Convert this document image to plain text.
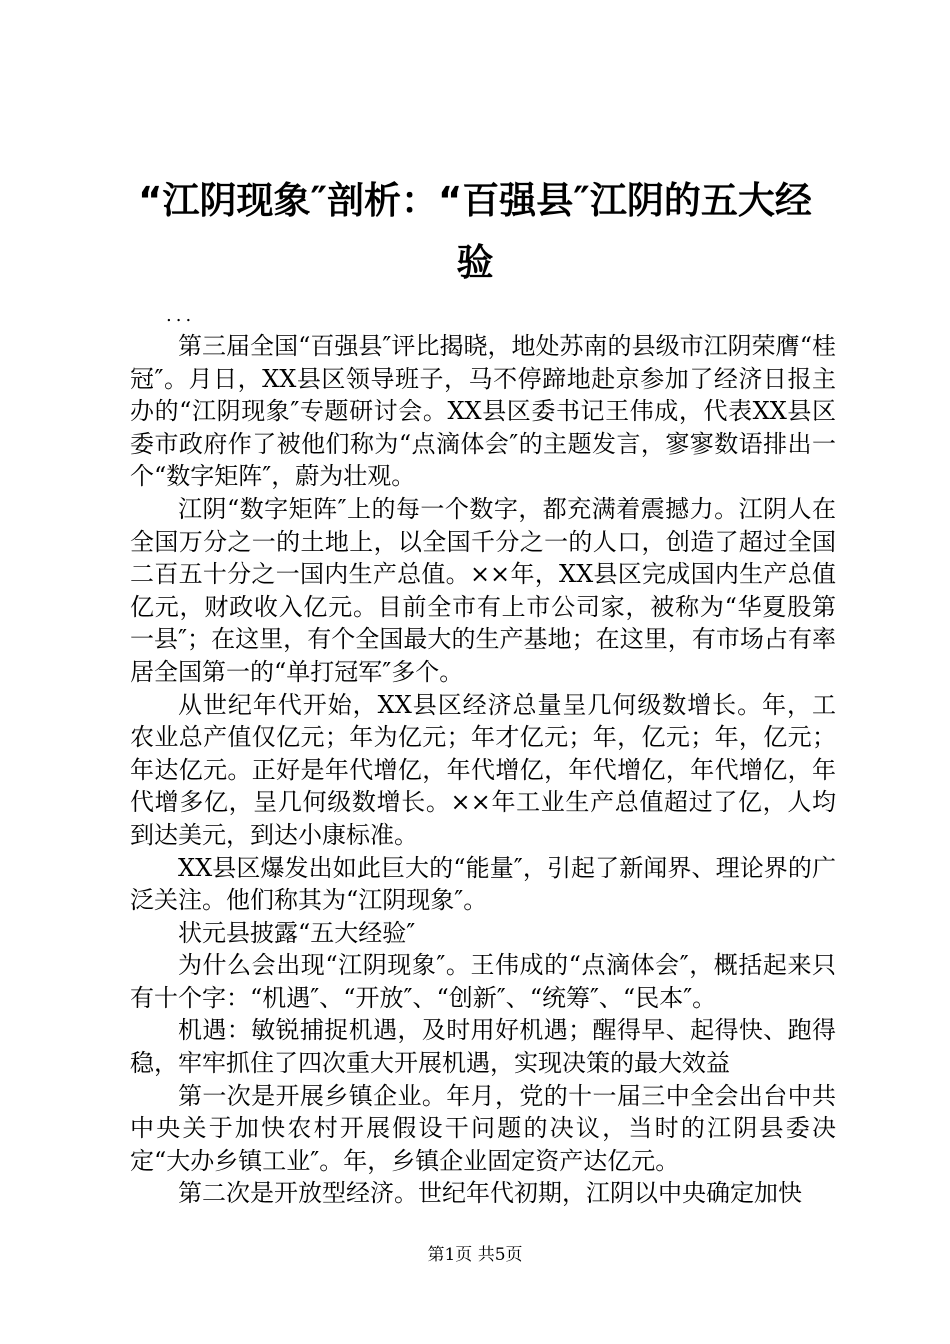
“江阴现象″剖析：“百强县″江阴的五大经验

...

第三届全国“百强县″评比揭晓，地处苏南的县级市江阴荣膺“桂冠″。月日，XX县区领导班子，马不停蹄地赴京参加了经济日报主办的“江阴现象″专题研讨会。XX县区委书记王伟成，代表XX县区委市政府作了被他们称为“点滴体会″的主题发言，寥寥数语排出一个“数字矩阵″，蔚为壮观。

江阴“数字矩阵″上的每一个数字，都充满着震撼力。江阴人在全国万分之一的土地上，以全国千分之一的人口，创造了超过全国二百五十分之一国内生产总值。××年，XX县区完成国内生产总值亿元，财政收入亿元。目前全市有上市公司家，被称为“华夏股第一县″；在这里，有个全国最大的生产基地；在这里，有市场占有率居全国第一的“单打冠军″多个。

从世纪年代开始，XX县区经济总量呈几何级数增长。年，工农业总产值仅亿元；年为亿元；年才亿元；年，亿元；年，亿元；年达亿元。正好是年代增亿，年代增亿，年代增亿，年代增亿，年代增多亿，呈几何级数增长。××年工业生产总值超过了亿，人均到达美元，到达小康标准。

XX县区爆发出如此巨大的“能量″，引起了新闻界、理论界的广泛关注。他们称其为“江阴现象″。

状元县披露“五大经验″

为什么会出现“江阴现象″。王伟成的“点滴体会″，概括起来只有十个字：“机遇″、“开放″、“创新″、“统筹″、“民本″。

机遇：敏锐捕捉机遇，及时用好机遇；醒得早、起得快、跑得稳，牢牢抓住了四次重大开展机遇，实现决策的最大效益

第一次是开展乡镇企业。年月，党的十一届三中全会出台中共中央关于加快农村开展假设干问题的决议，当时的江阴县委决定“大办乡镇工业″。年，乡镇企业固定资产达亿元。

第二次是开放型经济。世纪年代初期，江阴以中央确定加快

第1页 共5页
